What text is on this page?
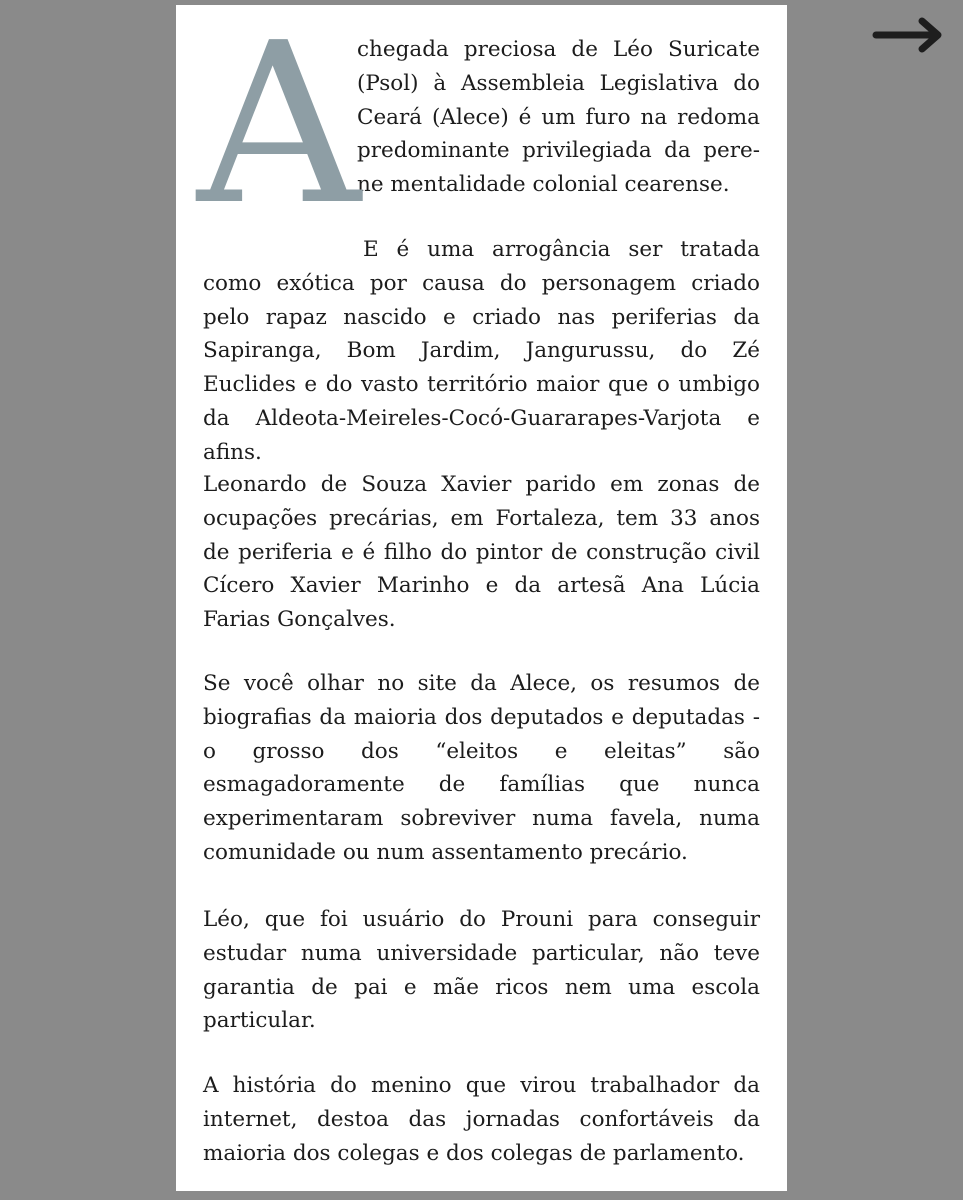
A
chegada preciosa de Léo Suricate (Psol) à Assembleia Legislativa do Ceará (Alece) é um furo na redoma predominante privilegiada da pere-ne mentalidade colonial cearense.
E é uma arrogância ser tratada
como exótica por causa do personagem criado pelo rapaz nascido e criado nas periferias da Sapiranga, Bom Jardim, Jangurussu, do Zé Euclides e do vasto território maior que o umbigo da Aldeota-Meireles-Cocó-Guararapes-Varjota e afins.
Leonardo de Souza Xavier parido em zonas de ocupações precárias, em Fortaleza, tem 33 anos de periferia e é filho do pintor de construção civil Cícero Xavier Marinho e da artesã Ana Lúcia Farias Gonçalves.
Se você olhar no site da Alece, os resumos de biografias da maioria dos deputados e deputadas - o grosso dos “eleitos e eleitas” são esmagadoramente de famílias que nunca experimentaram sobreviver numa favela, numa comunidade ou num assentamento precário.
Léo, que foi usuário do Prouni para conseguir estudar numa universidade particular, não teve garantia de pai e mãe ricos nem uma escola particular.
A história do menino que virou trabalhador da internet, destoa das jornadas confortáveis da maioria dos colegas e dos colegas de parlamento.
